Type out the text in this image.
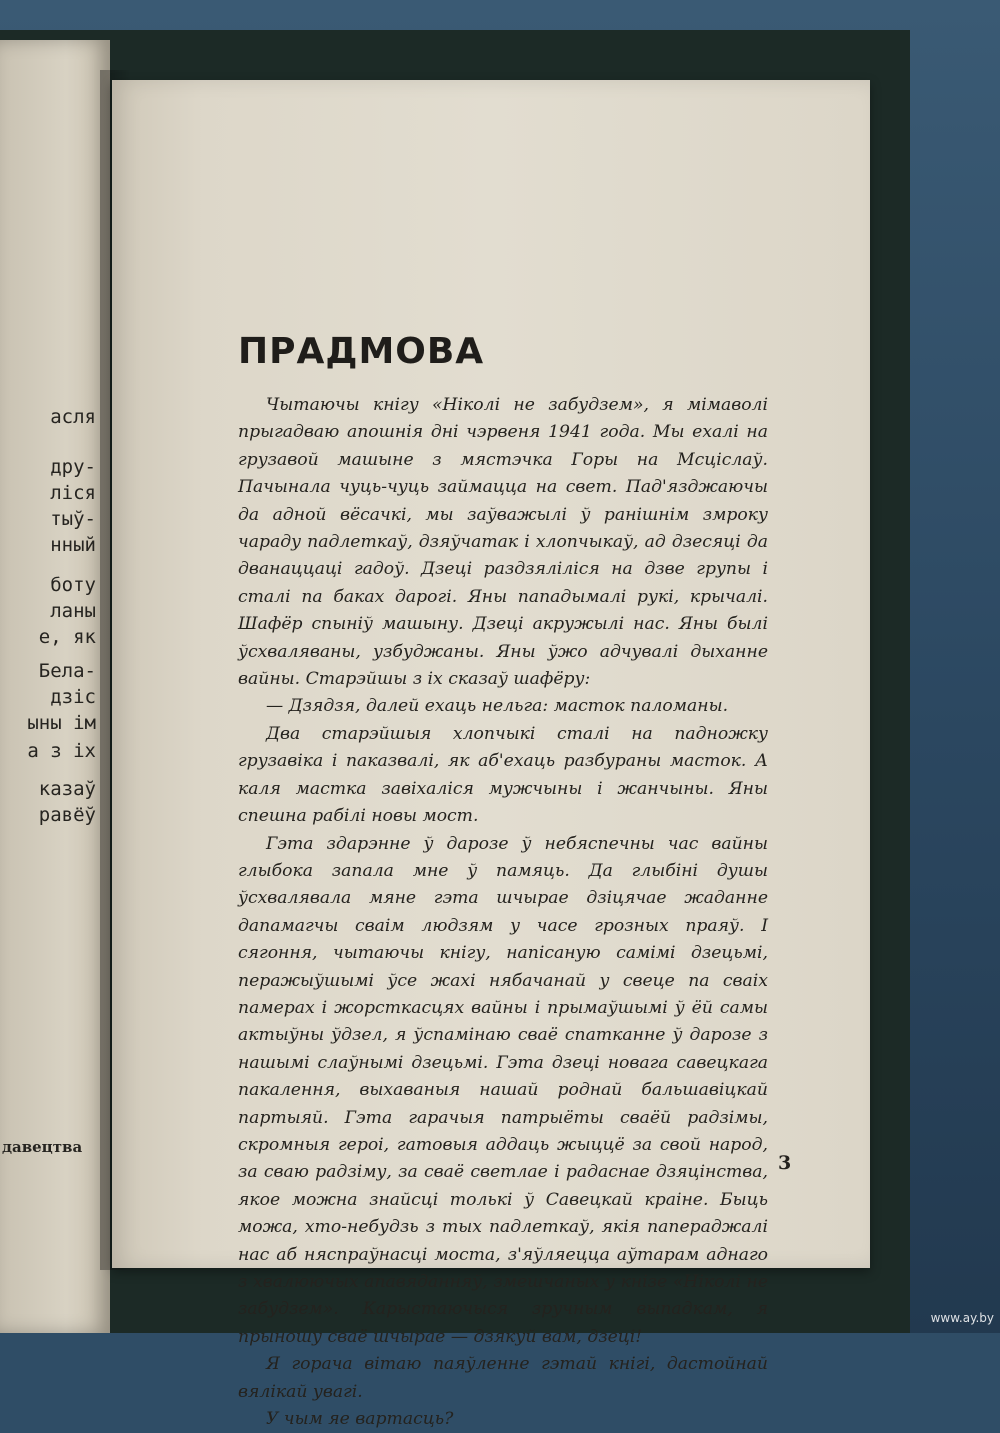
асля
дру-
ліся
тыў-
нный
боту
ланы
е, як
Бела-
дзіс
ыны ім
а з іх
казаў
равёў
давецтва
ПРАДМОВА

Чытаючы кнігу «Ніколі не забудзем», я мімаволі прыгадваю апошнія дні чэрвеня 1941 года. Мы ехалі на грузавой машыне з мястэчка Горы на Мсціслаў. Пачынала чуць-чуць займацца на свет. Пад'язджаючы да адной вёсачкі, мы заўважылі ў ранішнім змроку чараду падлеткаў, дзяўчатак і хлопчыкаў, ад дзесяці да дванаццаці гадоў. Дзеці раздзяліліся на дзве групы і сталі па баках дарогі. Яны пападымалі рукі, крычалі. Шафёр спыніў машыну. Дзеці акружылі нас. Яны былі ўсхваляваны, узбуджаны. Яны ўжо адчувалі дыханне вайны. Старэйшы з іх сказаў шафёру:

— Дзядзя, далей ехаць нельга: масток паломаны.

Два старэйшыя хлопчыкі сталі на падножку грузавіка і паказвалі, як аб'ехаць разбураны масток. А каля мастка завіхаліся мужчыны і жанчыны. Яны спешна рабілі новы мост.

Гэта здарэнне ў дарозе ў небяспечны час вайны глыбока запала мне ў памяць. Да глыбіні душы ўсхвалявала мяне гэта шчырае дзіцячае жаданне дапамагчы сваім людзям у часе грозных праяў. І сягоння, чытаючы кнігу, напісаную самімі дзецьмі, перажыўшымі ўсе жахі нябачанай у свеце па сваіх памерах і жорсткасцях вайны і прымаўшымі ў ёй самы актыўны ўдзел, я ўспамінаю сваё спатканне ў дарозе з нашымі слаўнымі дзецьмі. Гэта дзеці новага савецкага пакалення, выхаваныя нашай роднай бальшавіцкай партыяй. Гэта гарачыя патрыёты сваёй радзімы, скромныя героі, гатовыя аддаць жыццё за свой народ, за сваю радзіму, за сваё светлае і радаснае дзяцінства, якое можна знайсці толькі ў Савецкай краіне. Быць можа, хто-небудзь з тых падлеткаў, якія папераджалі нас аб няспраўнасці моста, з'яўляецца аўтарам аднаго з хвалюючых апавяданняў, змешчаных у кнізе «Ніколі не забудзем». Карыстаючыся зручным выпадкам, я прыношу сваё шчырае — дзякуй вам, дзеці!

Я горача вітаю паяўленне гэтай кнігі, дастойнай вялікай увагі.

У чым яе вартасць?

3
www.ay.by
